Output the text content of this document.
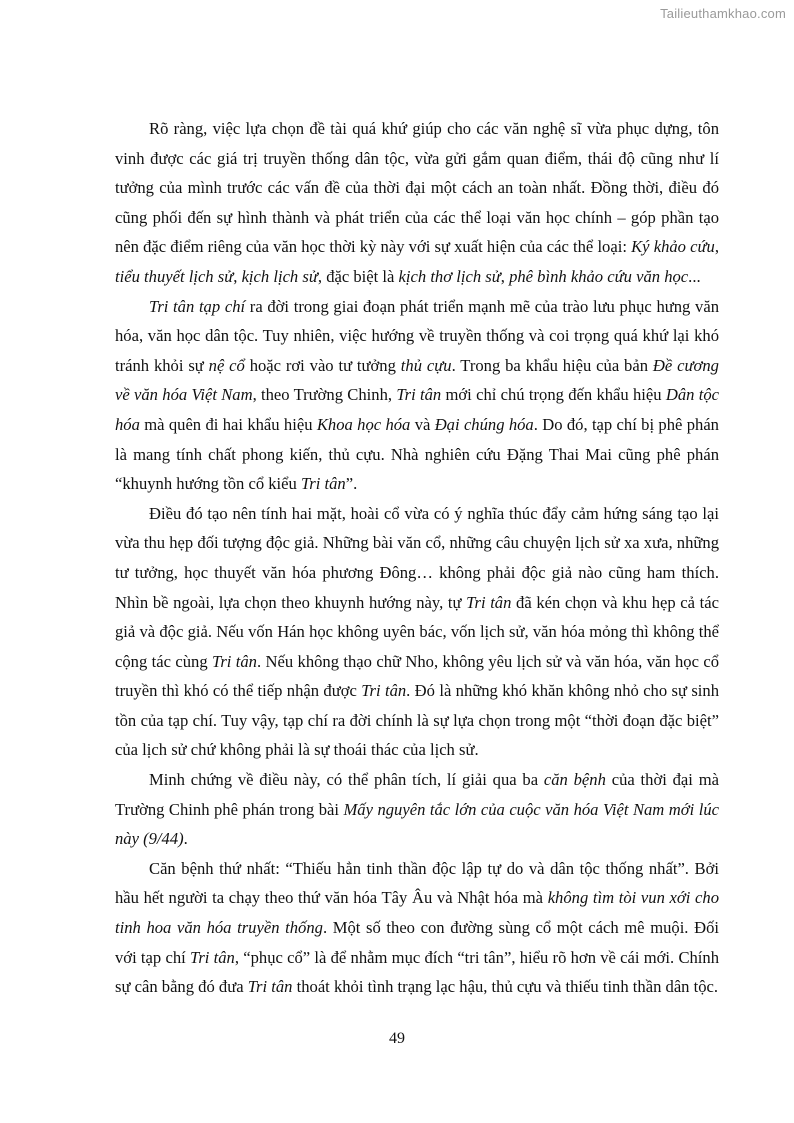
Tailieuthamkhao.com

Rõ ràng, việc lựa chọn đề tài quá khứ giúp cho các văn nghệ sĩ vừa phục dựng, tôn vinh được các giá trị truyền thống dân tộc, vừa gửi gắm quan điểm, thái độ cũng như lí tưởng của mình trước các vấn đề của thời đại một cách an toàn nhất. Đồng thời, điều đó cũng phối đến sự hình thành và phát triển của các thể loại văn học chính – góp phần tạo nên đặc điểm riêng của văn học thời kỳ này với sự xuất hiện của các thể loại: Ký khảo cứu, tiểu thuyết lịch sử, kịch lịch sử, đặc biệt là kịch thơ lịch sử, phê bình khảo cứu văn học...

Tri tân tạp chí ra đời trong giai đoạn phát triển mạnh mẽ của trào lưu phục hưng văn hóa, văn học dân tộc. Tuy nhiên, việc hướng về truyền thống và coi trọng quá khứ lại khó tránh khỏi sự nệ cổ hoặc rơi vào tư tưởng thủ cựu. Trong ba khẩu hiệu của bản Đề cương về văn hóa Việt Nam, theo Trường Chinh, Tri tân mới chỉ chú trọng đến khẩu hiệu Dân tộc hóa mà quên đi hai khẩu hiệu Khoa học hóa và Đại chúng hóa. Do đó, tạp chí bị phê phán là mang tính chất phong kiến, thủ cựu. Nhà nghiên cứu Đặng Thai Mai cũng phê phán “khuynh hướng tồn cổ kiểu Tri tân”.

Điều đó tạo nên tính hai mặt, hoài cổ vừa có ý nghĩa thúc đẩy cảm hứng sáng tạo lại vừa thu hẹp đối tượng độc giả. Những bài văn cổ, những câu chuyện lịch sử xa xưa, những tư tưởng, học thuyết văn hóa phương Đông… không phải độc giả nào cũng ham thích. Nhìn bề ngoài, lựa chọn theo khuynh hướng này, tự Tri tân đã kén chọn và khu hẹp cả tác giả và độc giả. Nếu vốn Hán học không uyên bác, vốn lịch sử, văn hóa mỏng thì không thể cộng tác cùng Tri tân. Nếu không thạo chữ Nho, không yêu lịch sử và văn hóa, văn học cổ truyền thì khó có thể tiếp nhận được Tri tân. Đó là những khó khăn không nhỏ cho sự sinh tồn của tạp chí. Tuy vậy, tạp chí ra đời chính là sự lựa chọn trong một “thời đoạn đặc biệt” của lịch sử chứ không phải là sự thoái thác của lịch sử.

Minh chứng về điều này, có thể phân tích, lí giải qua ba căn bệnh của thời đại mà Trường Chinh phê phán trong bài Mấy nguyên tắc lớn của cuộc văn hóa Việt Nam mới lúc này (9/44).

Căn bệnh thứ nhất: “Thiếu hẳn tinh thần độc lập tự do và dân tộc thống nhất”. Bởi hầu hết người ta chạy theo thứ văn hóa Tây Âu và Nhật hóa mà không tìm tòi vun xới cho tinh hoa văn hóa truyền thống. Một số theo con đường sùng cổ một cách mê muội. Đối với tạp chí Tri tân, “phục cổ” là để nhằm mục đích “tri tân”, hiểu rõ hơn về cái mới. Chính sự cân bằng đó đưa Tri tân thoát khỏi tình trạng lạc hậu, thủ cựu và thiếu tinh thần dân tộc.

49
